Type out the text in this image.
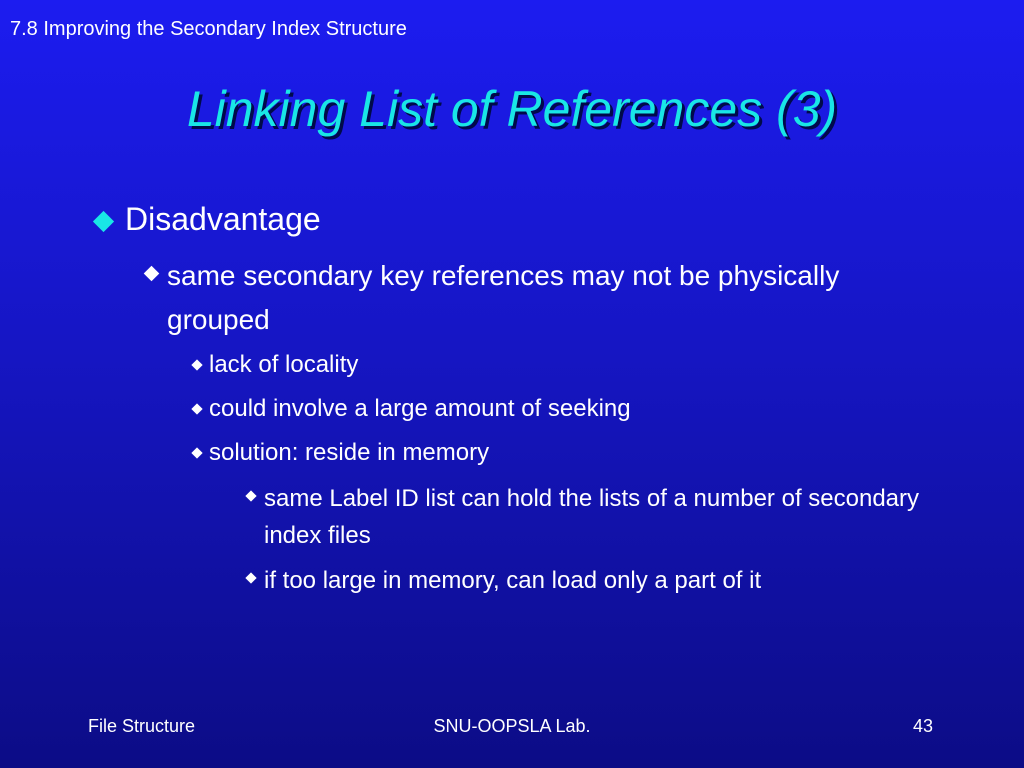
7.8 Improving the Secondary Index Structure
Linking List of References (3)
Disadvantage
same secondary key references may not be physically grouped
lack of locality
could involve a large amount of seeking
solution: reside in memory
same Label ID list can hold the lists of a number of secondary index files
if too large in memory, can load only a part of it
File Structure	SNU-OOPSLA Lab.	43
